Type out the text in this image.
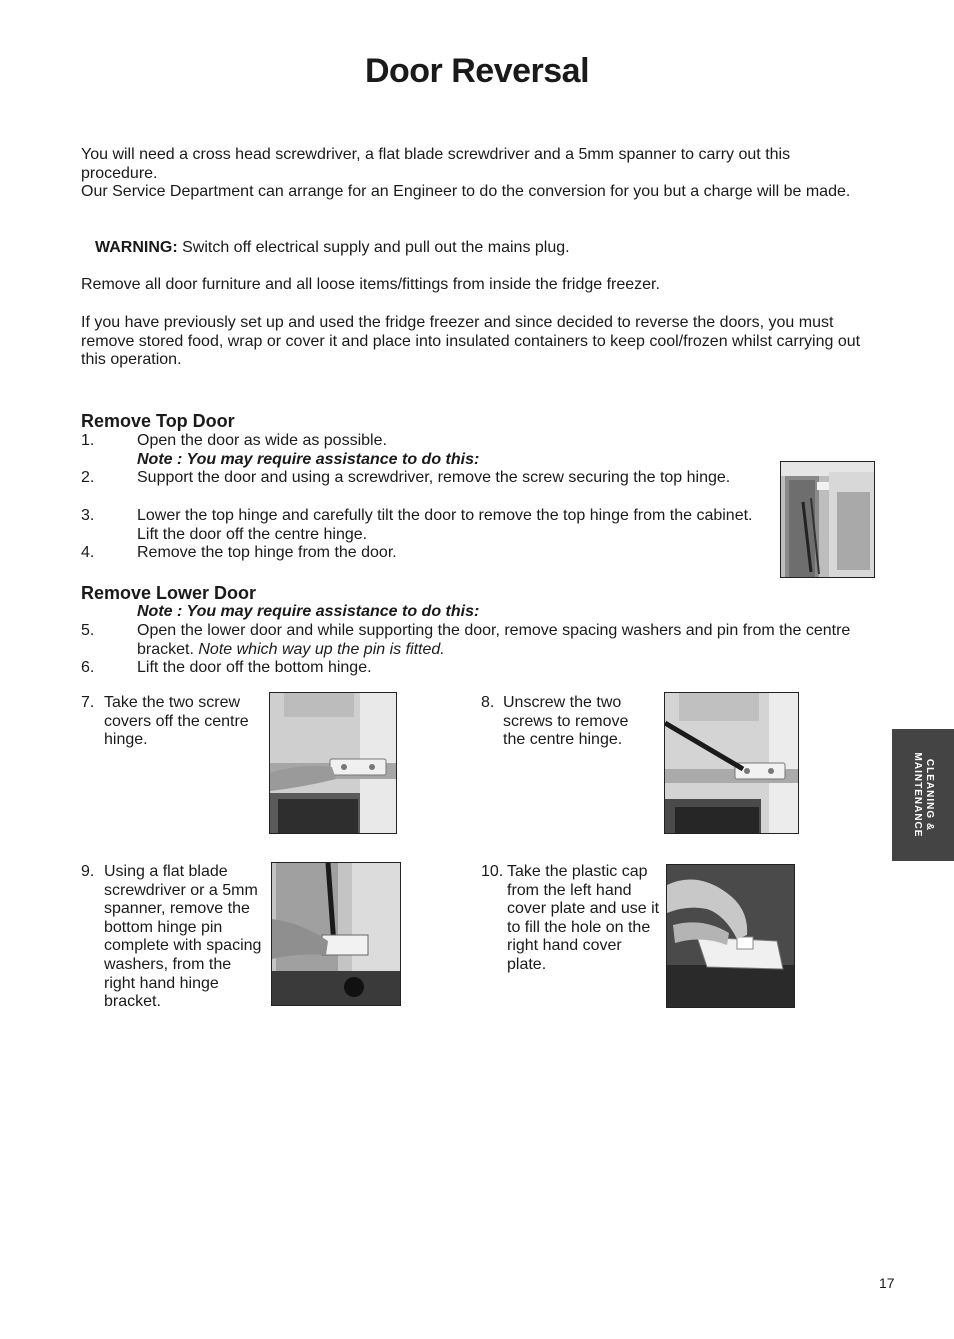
Door Reversal

You will need a cross head screwdriver, a flat blade screwdriver and a 5mm spanner to carry out this procedure.
Our Service Department can arrange for an Engineer to do the conversion for you but a charge will be made.

WARNING: Switch off electrical supply and pull out the mains plug.

Remove all door furniture and all loose items/fittings from inside the fridge freezer.

If you have previously set up and used the fridge freezer and since decided to reverse the doors, you must remove stored food, wrap or cover it and place into insulated containers to keep cool/frozen whilst carrying out this operation.

Remove Top Door
1.	Open the door as wide as possible.

Note : You may require assistance to do this:

2.	Support the door and using a screwdriver, remove the screw securing the top hinge.

3.	Lower the top hinge and carefully tilt the door to remove the top hinge from the cabinet. Lift the door off the centre hinge.

4.	Remove the top hinge from the door.

Remove Lower Door

Note : You may require assistance to do this:

5.	Open the lower door and while supporting the door, remove spacing washers and pin from the centre bracket. Note which way up the pin is fitted.

6.	Lift the door off the bottom hinge.

7. Take the two screw covers off the centre hinge.
8. Unscrew the two screws to remove the centre hinge.
9. Using a flat blade screwdriver or a 5mm spanner, remove the bottom hinge pin complete with spacing washers, from the right hand hinge bracket.
10. Take the plastic cap from the left hand cover plate and use it to fill the hole on the right hand cover plate.
CLEANING &
MAINTENANCE
17
